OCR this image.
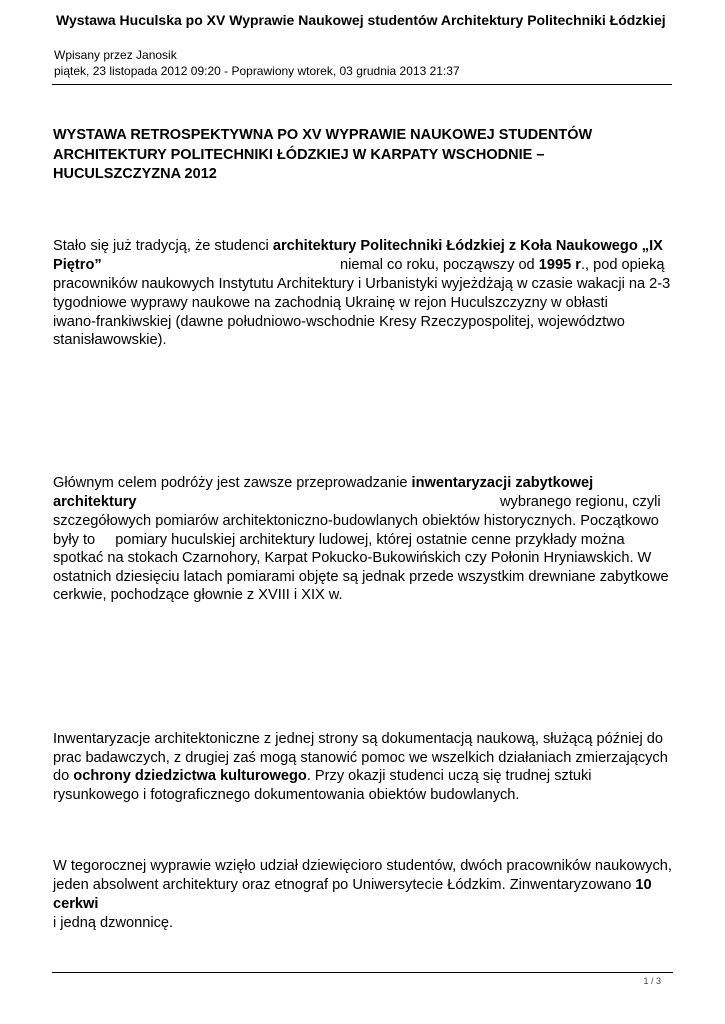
Wystawa Huculska po XV Wyprawie Naukowej studentów Architektury Politechniki Łódzkiej
Wpisany przez Janosik
piątek, 23 listopada 2012 09:20 - Poprawiony wtorek, 03 grudnia 2013 21:37
WYSTAWA RETROSPEKTYWNA PO XV WYPRAWIE NAUKOWEJ STUDENTÓW
ARCHITEKTURY POLITECHNIKI ŁÓDZKIEJ W KARPATY WSCHODNIE –
HUCULSZCZYZNA 2012
Stało się już tradycją, że studenci architektury Politechniki Łódzkiej z Koła Naukowego „IX
Piętro”	niemal co roku, począwszy od 1995 r., pod opieką
pracowników naukowych Instytutu Architektury i Urbanistyki wyjeżdżają w czasie wakacji na 2-3
tygodniowe wyprawy naukowe na zachodnią Ukrainę w rejon Huculszczyzny w obłasti
iwano-frankiwskiej (dawne południowo-wschodnie Kresy Rzeczypospolitej, województwo
stanisławowskie).
Głównym celem podróży jest zawsze przeprowadzanie inwentaryzacji zabytkowej
architektury	wybranego regionu, czyli
szczegółowych pomiarów architektoniczno-budowlanych obiektów historycznych. Początkowo
były to pomiary huculskiej architektury ludowej, której ostatnie cenne przykłady można
spotkać na stokach Czarnohory, Karpat Pokucko-Bukowińskich czy Połonin Hryniawskich. W
ostatnich dziesięciu latach pomiarami objęte są jednak przede wszystkim drewniane zabytkowe
cerkwie, pochodzące głownie z XVIII i XIX w.
Inwentaryzacje architektoniczne z jednej strony są dokumentacją naukową, służącą później do
prac badawczych, z drugiej zaś mogą stanowić pomoc we wszelkich działaniach zmierzających
do ochrony dziedzictwa kulturowego. Przy okazji studenci uczą się trudnej sztuki
rysunkowego i fotograficznego dokumentowania obiektów budowlanych.
W tegorocznej wyprawie wzięło udział dziewięcioro studentów, dwóch pracowników naukowych,
jeden absolwent architektury oraz etnograf po Uniwersytecie Łódzkim. Zinwentaryzowano 10
cerkwi
i jedną dzwonnicę.
1 / 3
